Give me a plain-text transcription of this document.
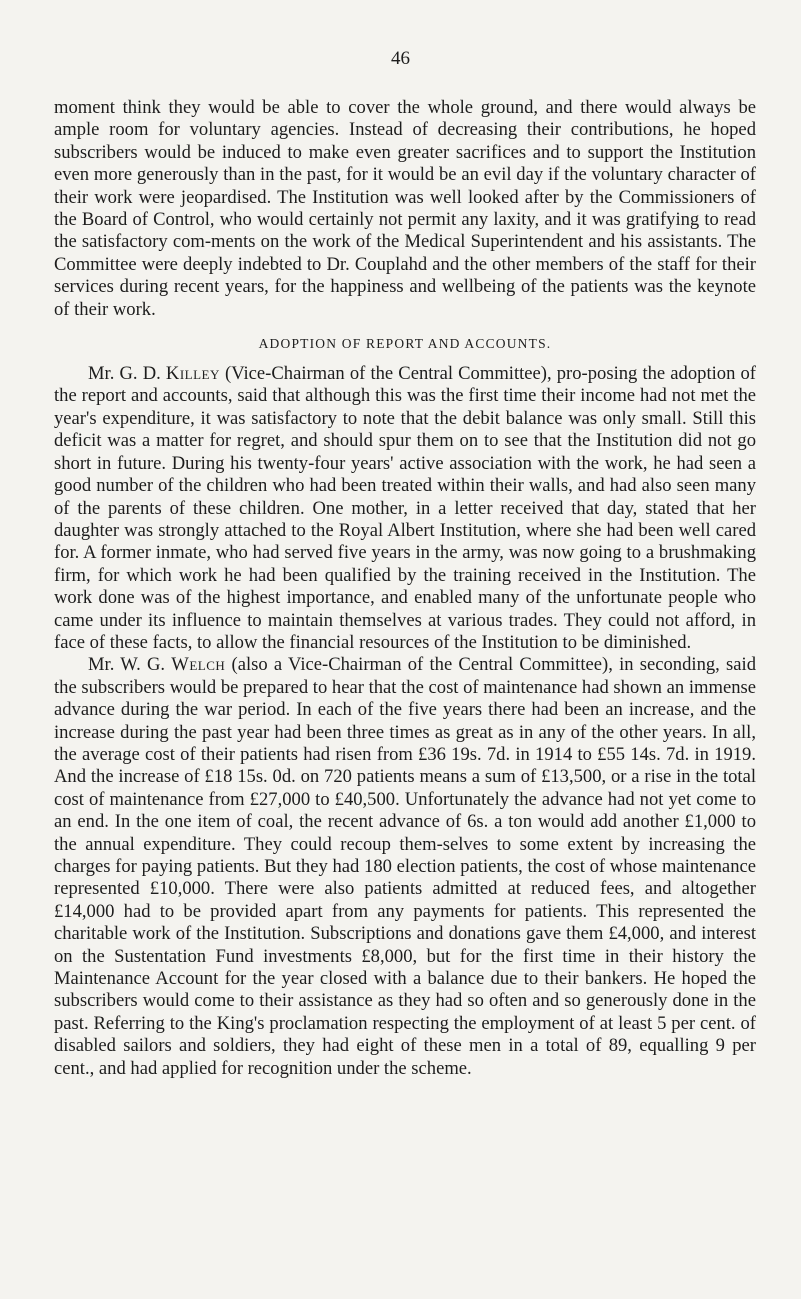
46

moment think they would be able to cover the whole ground, and there would always be ample room for voluntary agencies. Instead of decreasing their contributions, he hoped subscribers would be induced to make even greater sacrifices and to support the Institution even more generously than in the past, for it would be an evil day if the voluntary character of their work were jeopardised. The Institution was well looked after by the Commissioners of the Board of Control, who would certainly not permit any laxity, and it was gratifying to read the satisfactory com-ments on the work of the Medical Superintendent and his assistants. The Committee were deeply indebted to Dr. Couplahd and the other members of the staff for their services during recent years, for the happiness and wellbeing of the patients was the keynote of their work.

ADOPTION OF REPORT AND ACCOUNTS.

Mr. G. D. Killey (Vice-Chairman of the Central Committee), pro-posing the adoption of the report and accounts, said that although this was the first time their income had not met the year's expenditure, it was satisfactory to note that the debit balance was only small. Still this deficit was a matter for regret, and should spur them on to see that the Institution did not go short in future. During his twenty-four years' active association with the work, he had seen a good number of the children who had been treated within their walls, and had also seen many of the parents of these children. One mother, in a letter received that day, stated that her daughter was strongly attached to the Royal Albert Institution, where she had been well cared for. A former inmate, who had served five years in the army, was now going to a brushmaking firm, for which work he had been qualified by the training received in the Institution. The work done was of the highest importance, and enabled many of the unfortunate people who came under its influence to maintain themselves at various trades. They could not afford, in face of these facts, to allow the financial resources of the Institution to be diminished.

Mr. W. G. Welch (also a Vice-Chairman of the Central Committee), in seconding, said the subscribers would be prepared to hear that the cost of maintenance had shown an immense advance during the war period. In each of the five years there had been an increase, and the increase during the past year had been three times as great as in any of the other years. In all, the average cost of their patients had risen from £36 19s. 7d. in 1914 to £55 14s. 7d. in 1919. And the increase of £18 15s. 0d. on 720 patients means a sum of £13,500, or a rise in the total cost of maintenance from £27,000 to £40,500. Unfortunately the advance had not yet come to an end. In the one item of coal, the recent advance of 6s. a ton would add another £1,000 to the annual expenditure. They could recoup them-selves to some extent by increasing the charges for paying patients. But they had 180 election patients, the cost of whose maintenance represented £10,000. There were also patients admitted at reduced fees, and altogether £14,000 had to be provided apart from any payments for patients. This represented the charitable work of the Institution. Subscriptions and donations gave them £4,000, and interest on the Sustentation Fund investments £8,000, but for the first time in their history the Maintenance Account for the year closed with a balance due to their bankers. He hoped the subscribers would come to their assistance as they had so often and so generously done in the past. Referring to the King's proclamation respecting the employment of at least 5 per cent. of disabled sailors and soldiers, they had eight of these men in a total of 89, equalling 9 per cent., and had applied for recognition under the scheme.
